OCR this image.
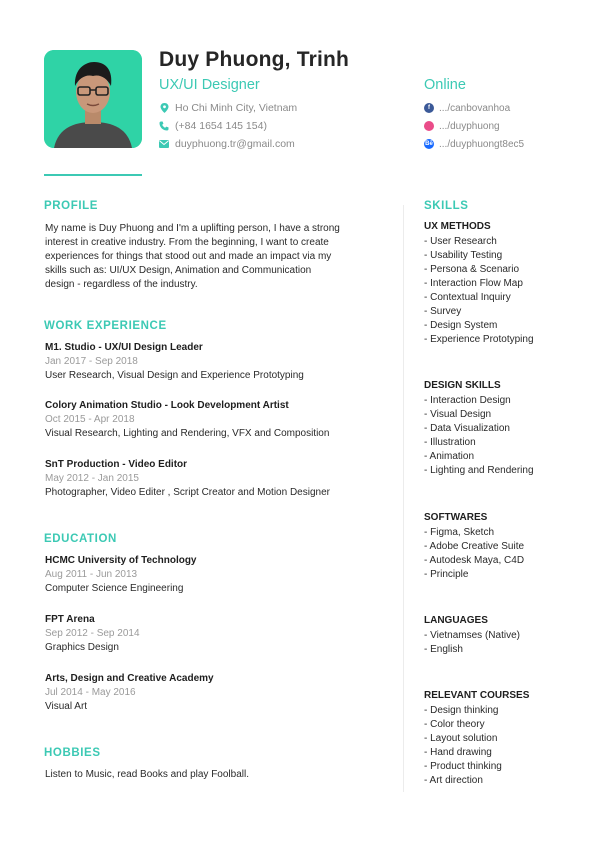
Duy Phuong, Trinh
UX/UI Designer
Ho Chi Minh City, Vietnam
(+84 1654 145 154)
duyphuong.tr@gmail.com
Online
f .../canbovanhoa
.../duyphuong
Bē .../duyphuongt8ec5
PROFILE
My name is Duy Phuong and I'm a uplifting person, I have a strong
interest in creative industry. From the beginning, I want to create
experiences for things that stood out and made an impact via my
skills such as: UI/UX Design, Animation and Communication
design - regardless of the industry.
WORK EXPERIENCE
M1. Studio - UX/UI Design Leader
Jan 2017 - Sep 2018
User Research, Visual Design and Experience Prototyping
Colory Animation Studio - Look Development Artist
Oct 2015 - Apr 2018
Visual Research, Lighting and Rendering, VFX and Composition
SnT Production - Video Editor
May 2012 - Jan 2015
Photographer, Video Editer , Script Creator and Motion Designer
EDUCATION
HCMC University of Technology
Aug 2011 - Jun 2013
Computer Science Engineering
FPT Arena
Sep 2012 - Sep 2014
Graphics Design
Arts, Design and Creative Academy
Jul 2014 - May 2016
Visual Art
HOBBIES
Listen to Music, read Books and play Foolball.
SKILLS
UX METHODS
- User Research
- Usability Testing
- Persona & Scenario
- Interaction Flow Map
- Contextual Inquiry
- Survey
- Design System
- Experience Prototyping
DESIGN SKILLS
- Interaction Design
- Visual Design
- Data Visualization
- Illustration
- Animation
- Lighting and Rendering
SOFTWARES
- Figma, Sketch
- Adobe Creative Suite
- Autodesk Maya, C4D
- Principle
LANGUAGES
- Vietnamses (Native)
- English
RELEVANT COURSES
- Design thinking
- Color theory
- Layout solution
- Hand drawing
- Product thinking
- Art direction
